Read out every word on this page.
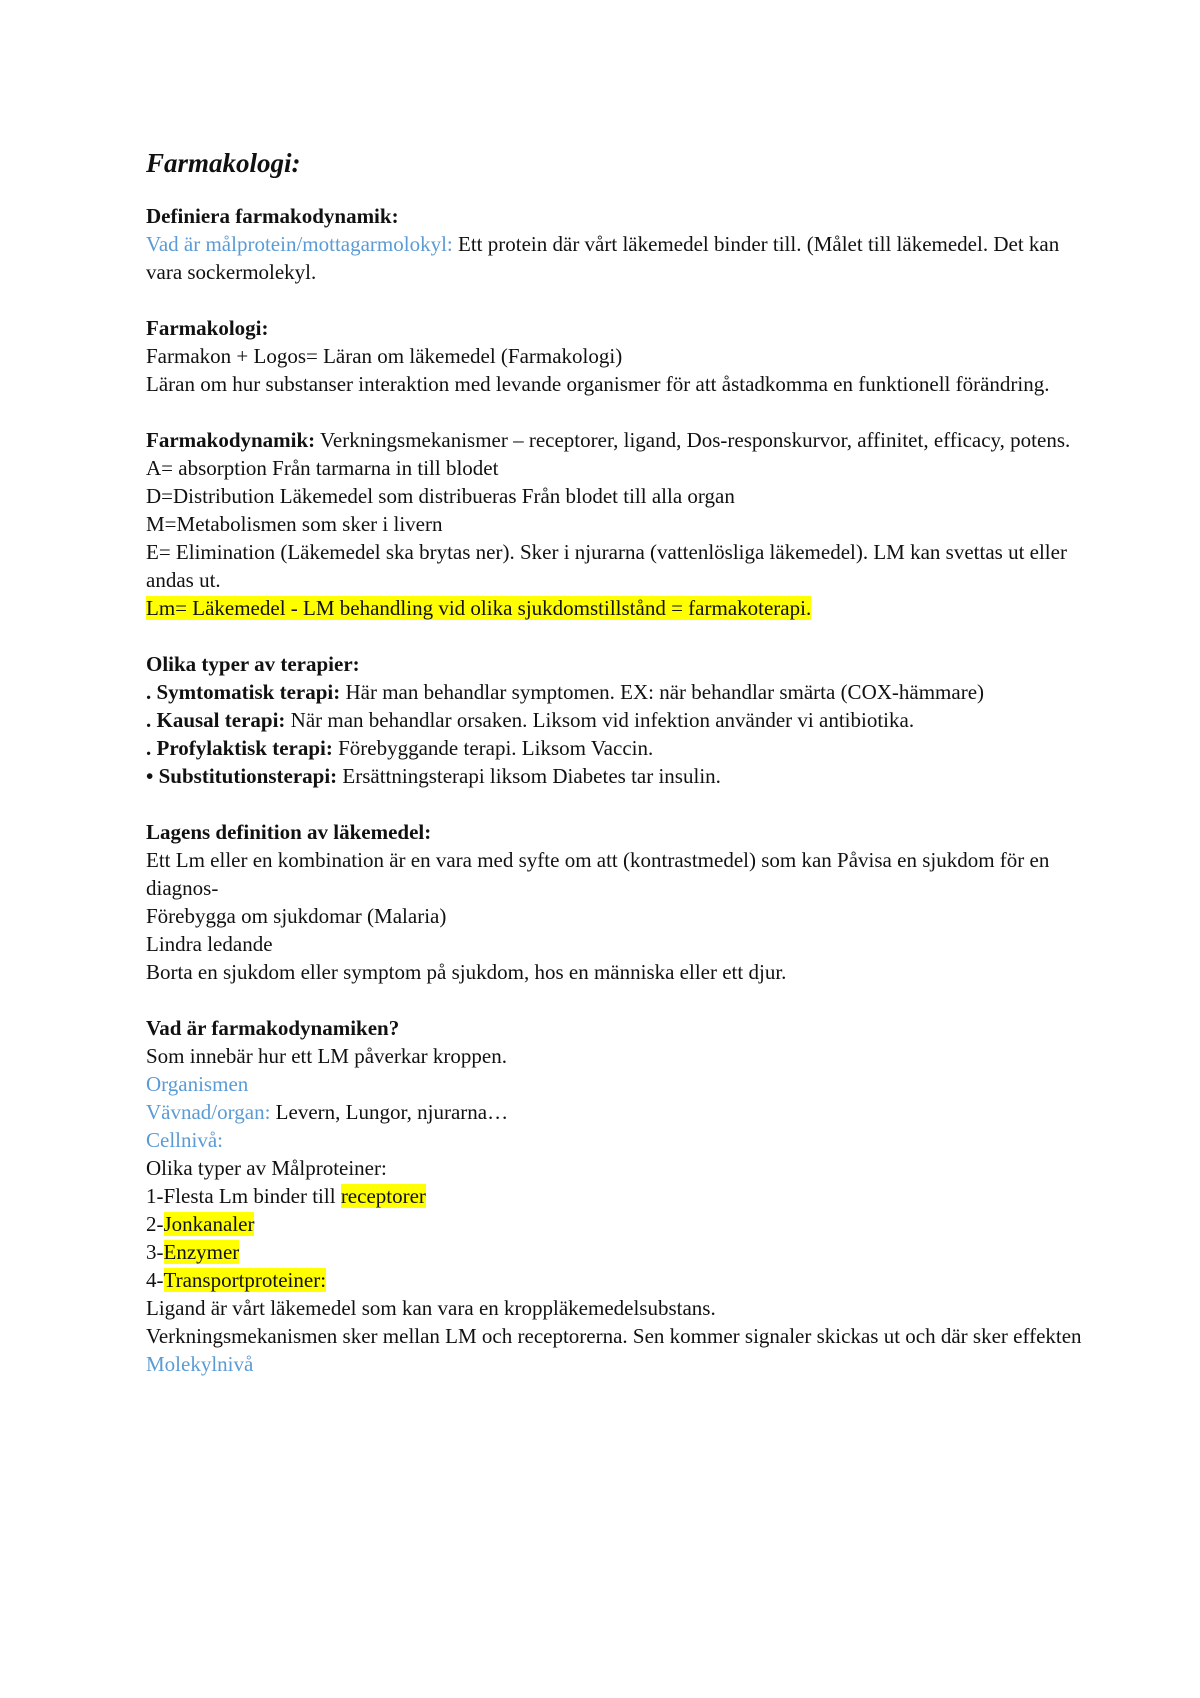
Farmakologi:
Definiera farmakodynamik:
Vad är målprotein/mottagarmolokyl: Ett protein där vårt läkemedel binder till. (Målet till läkemedel. Det kan vara sockermolekyl.
Farmakologi:
Farmakon + Logos= Läran om läkemedel (Farmakologi)
Läran om hur substanser interaktion med levande organismer för att åstadkomma en funktionell förändring.
Farmakodynamik: Verkningsmekanismer – receptorer, ligand, Dos-responskurvor, affinitet, efficacy, potens.
A= absorption Från tarmarna in till blodet
D=Distribution Läkemedel som distribueras Från blodet till alla organ
M=Metabolismen som sker i livern
E= Elimination (Läkemedel ska brytas ner). Sker i njurarna (vattenlösliga läkemedel). LM kan svettas ut eller andas ut.
Lm= Läkemedel - LM behandling vid olika sjukdomstillstånd = farmakoterapi.
Olika typer av terapier:
. Symtomatisk terapi: Här man behandlar symptomen. EX: när behandlar smärta (COX-hämmare)
. Kausal terapi: När man behandlar orsaken. Liksom vid infektion använder vi antibiotika.
. Profylaktisk terapi: Förebyggande terapi. Liksom Vaccin.
• Substitutionsterapi: Ersättningsterapi liksom Diabetes tar insulin.
Lagens definition av läkemedel:
Ett Lm eller en kombination är en vara med syfte om att (kontrastmedel) som kan Påvisa en sjukdom för en diagnos-
Förebygga om sjukdomar (Malaria)
Lindra ledande
Borta en sjukdom eller symptom på sjukdom, hos en människa eller ett djur.
Vad är farmakodynamiken?
Som innebär hur ett LM påverkar kroppen.
Organismen
Vävnad/organ: Levern, Lungor, njurarna…
Cellnivå:
Olika typer av Målproteiner:
1-Flesta Lm binder till receptorer
2-Jonkanaler
3-Enzymer
4-Transportproteiner:
Ligand är vårt läkemedel som kan vara en kroppläkemedelsubstans.
Verkningsmekanismen sker mellan LM och receptorerna. Sen kommer signaler skickas ut och där sker effekten
Molekylnivå
